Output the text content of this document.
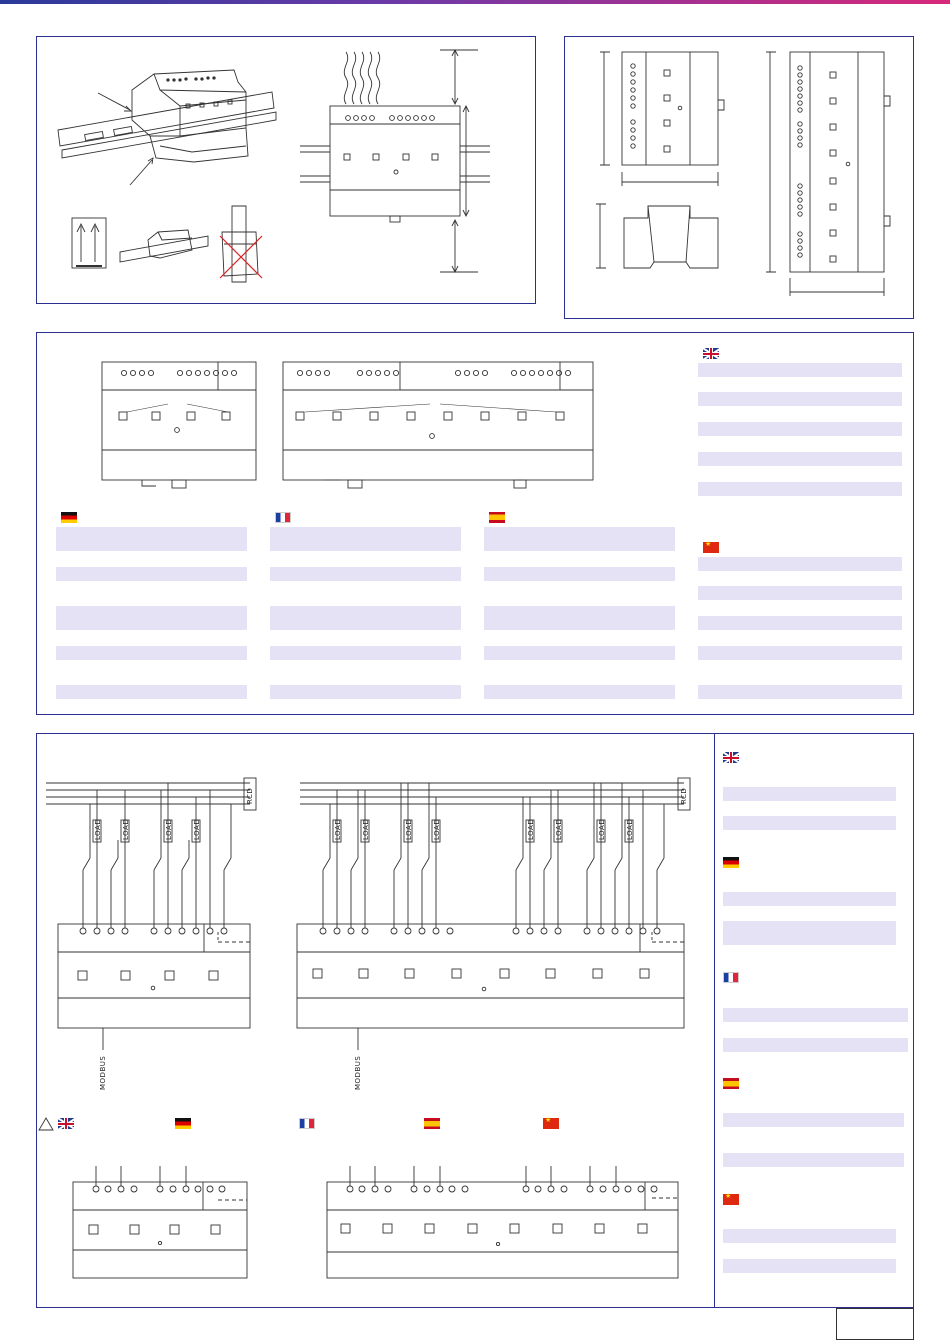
★
LOAD	LOAD	LOAD	LOAD	LOAD	LOAD	LOAD	LOAD	LOAD	LOAD	LOAD	LOAD
RCD	RCD
MODBUS	MODBUS
★
★
